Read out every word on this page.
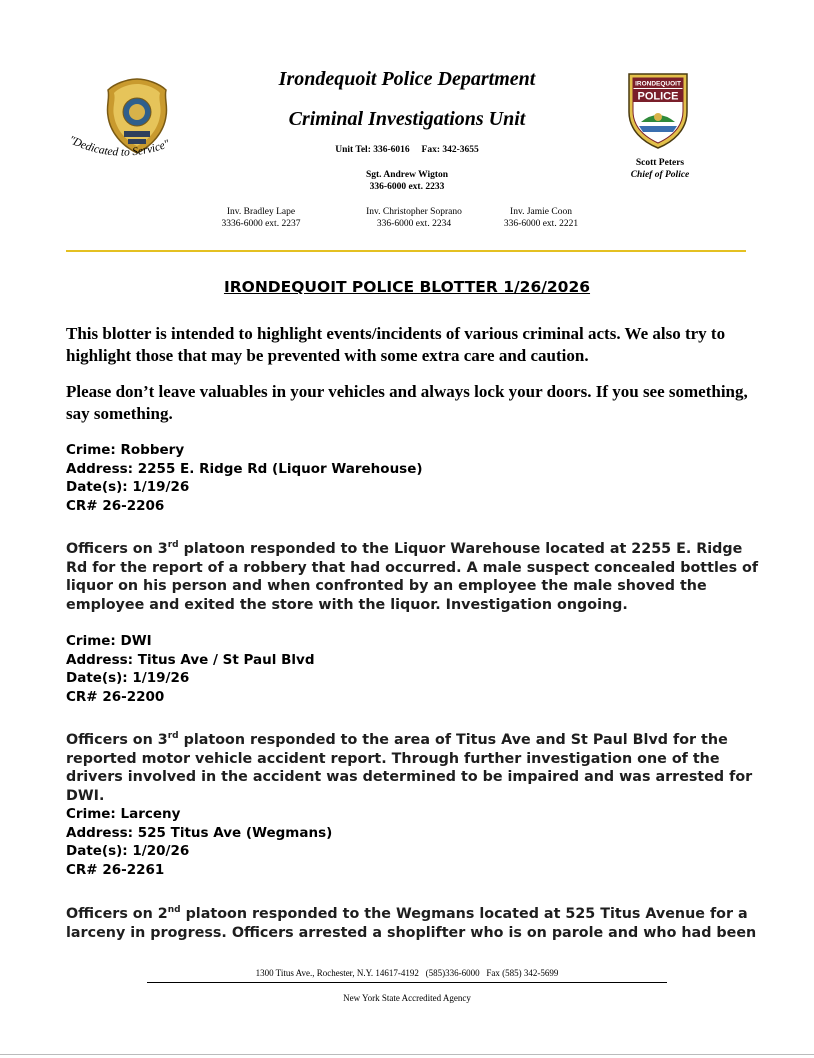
"Dedicated to Service"
Irondequoit Police Department
Criminal Investigations Unit
Unit Tel: 336-6016     Fax: 342-3655
Sgt. Andrew Wigton
336-6000 ext. 2233
Inv. Bradley Lape
3336-6000 ext. 2237
Inv. Christopher Soprano
336-6000 ext. 2234
Inv. Jamie Coon
336-6000 ext. 2221
IRONDEQUOIT
POLICE
Scott Peters
Chief of Police
IRONDEQUOIT POLICE BLOTTER 1/26/2026
This blotter is intended to highlight events/incidents of various criminal acts. We also try to highlight those that may be prevented with some extra care and caution.
Please don’t leave valuables in your vehicles and always lock your doors. If you see something, say something.
Crime: Robbery
Address: 2255 E. Ridge Rd (Liquor Warehouse)
Date(s): 1/19/26
CR# 26-2206
Officers on 3rd platoon responded to the Liquor Warehouse located at 2255 E. Ridge Rd for the report of a robbery that had occurred. A male suspect concealed bottles of liquor on his person and when confronted by an employee the male shoved the employee and exited the store with the liquor. Investigation ongoing.
Crime: DWI
Address: Titus Ave / St Paul Blvd
Date(s): 1/19/26
CR# 26-2200
Officers on 3rd platoon responded to the area of Titus Ave and St Paul Blvd for the reported motor vehicle accident report. Through further investigation one of the drivers involved in the accident was determined to be impaired and was arrested for DWI.
Crime: Larceny
Address: 525 Titus Ave (Wegmans)
Date(s): 1/20/26
CR# 26-2261
Officers on 2nd platoon responded to the Wegmans located at 525 Titus Avenue for a larceny in progress. Officers arrested a shoplifter who is on parole and who had been
1300 Titus Ave., Rochester, N.Y. 14617-4192   (585)336-6000   Fax (585) 342-5699
New York State Accredited Agency
